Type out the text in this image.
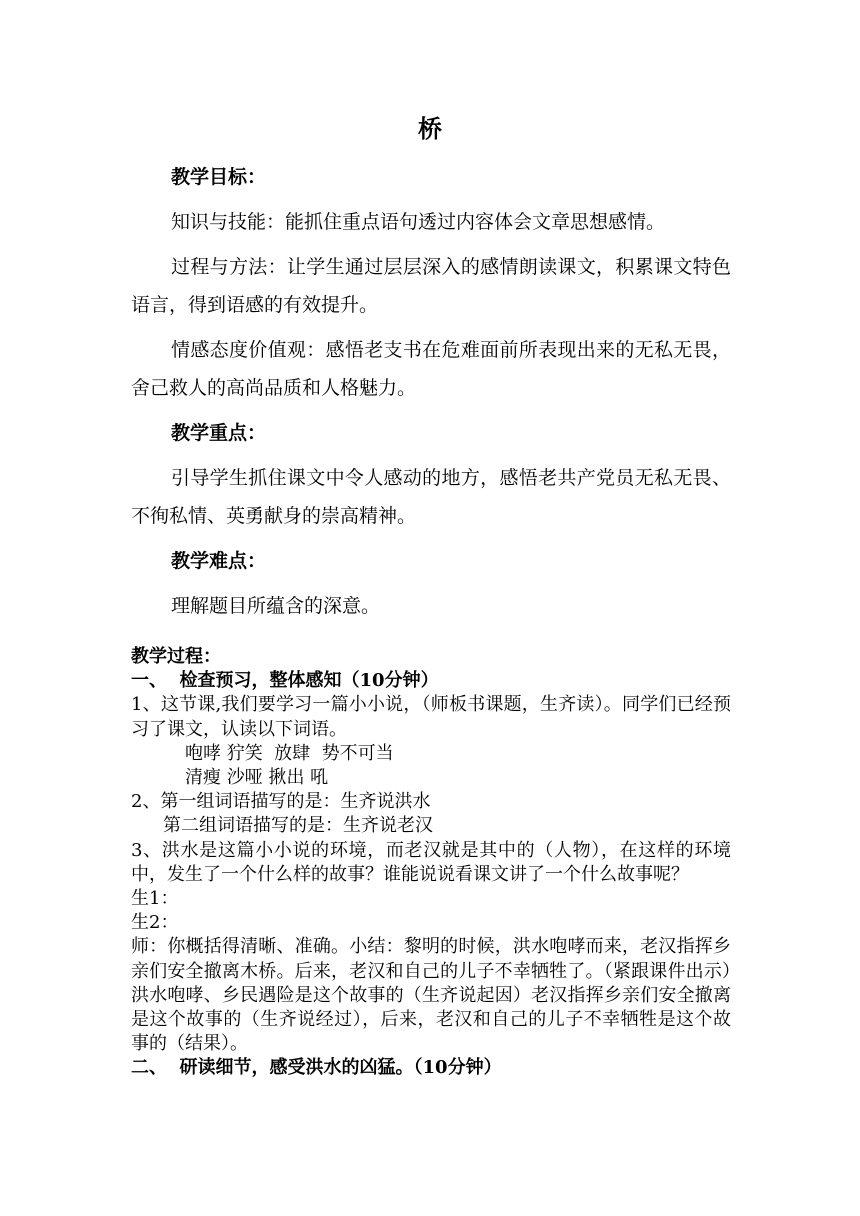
桥

教学目标：

知识与技能：能抓住重点语句透过内容体会文章思想感情。

过程与方法：让学生通过层层深入的感情朗读课文，积累课文特色语言，得到语感的有效提升。

情感态度价值观：感悟老支书在危难面前所表现出来的无私无畏，舍己救人的高尚品质和人格魅力。

教学重点：

引导学生抓住课文中令人感动的地方，感悟老共产党员无私无畏、不徇私情、英勇献身的崇高精神。

教学难点：

理解题目所蕴含的深意。

教学过程：

一、  检查预习，整体感知（10分钟）

1、这节课,我们要学习一篇小小说，（师板书课题，生齐读）。同学们已经预习了课文，认读以下词语。

咆哮 狞笑  放肆  势不可当

清瘦 沙哑 揪出 吼

2、第一组词语描写的是：生齐说洪水

第二组词语描写的是：生齐说老汉

3、洪水是这篇小小说的环境，而老汉就是其中的（人物），在这样的环境中，发生了一个什么样的故事？谁能说说看课文讲了一个什么故事呢？

生1：

生2：

师：你概括得清晰、准确。小结：黎明的时候，洪水咆哮而来，老汉指挥乡亲们安全撤离木桥。后来，老汉和自己的儿子不幸牺牲了。（紧跟课件出示）洪水咆哮、乡民遇险是这个故事的（生齐说起因）老汉指挥乡亲们安全撤离是这个故事的（生齐说经过），后来，老汉和自己的儿子不幸牺牲是这个故事的（结果）。

二、  研读细节，感受洪水的凶猛。（10分钟）
